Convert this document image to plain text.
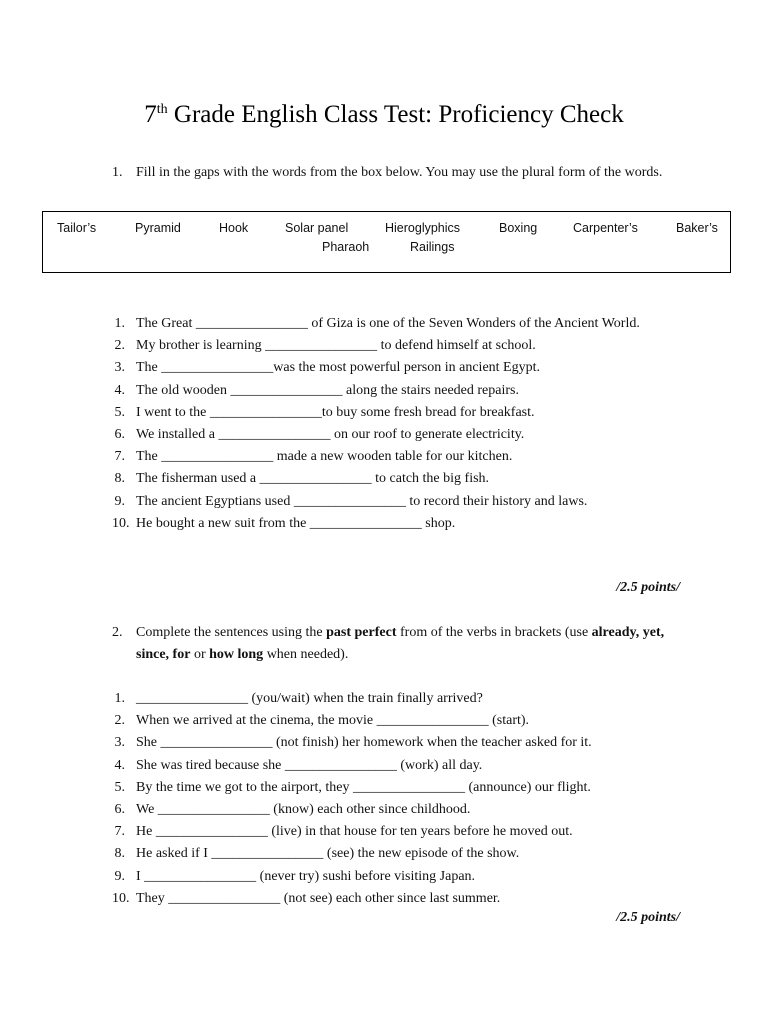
7th Grade English Class Test: Proficiency Check
1. Fill in the gaps with the words from the box below. You may use the plural form of the words.
Tailor’s	Pyramid	Hook	Solar panel	Hieroglyphics	Boxing	Carpenter’s	Baker’s
Pharaoh	Railings
1. The Great ________________ of Giza is one of the Seven Wonders of the Ancient World.
2. My brother is learning ________________ to defend himself at school.
3. The ________________was the most powerful person in ancient Egypt.
4. The old wooden ________________ along the stairs needed repairs.
5. I went to the ________________to buy some fresh bread for breakfast.
6. We installed a ________________ on our roof to generate electricity.
7. The ________________ made a new wooden table for our kitchen.
8. The fisherman used a ________________ to catch the big fish.
9. The ancient Egyptians used ________________ to record their history and laws.
10. He bought a new suit from the ________________ shop.
/2.5 points/
2. Complete the sentences using the past perfect from of the verbs in brackets (use already, yet, since, for or how long when needed).
1. ________________ (you/wait) when the train finally arrived?
2. When we arrived at the cinema, the movie ________________ (start).
3. She ________________ (not finish) her homework when the teacher asked for it.
4. She was tired because she ________________ (work) all day.
5. By the time we got to the airport, they ________________ (announce) our flight.
6. We ________________ (know) each other since childhood.
7. He ________________ (live) in that house for ten years before he moved out.
8. He asked if I ________________ (see) the new episode of the show.
9. I ________________ (never try) sushi before visiting Japan.
10. They ________________ (not see) each other since last summer.
/2.5 points/
